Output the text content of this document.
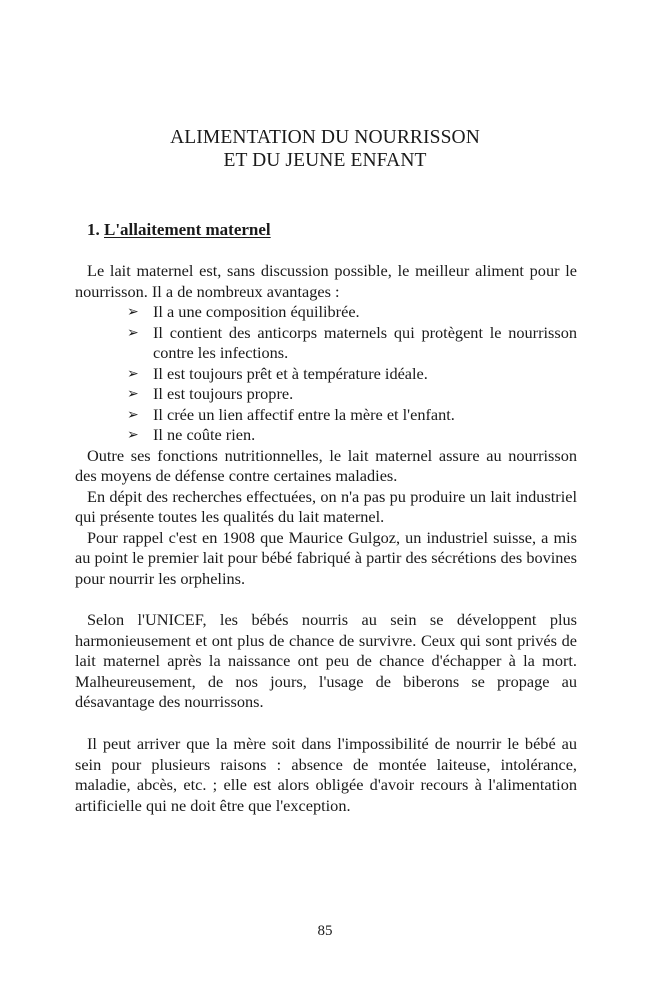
ALIMENTATION DU NOURRISSON
ET DU JEUNE ENFANT
1. L'allaitement maternel

Le lait maternel est, sans discussion possible, le meilleur aliment pour le nourrisson. Il a de nombreux avantages :

➢ Il a une composition équilibrée.
➢ Il contient des anticorps maternels qui protègent le nourrisson contre les infections.
➢ Il est toujours prêt et à température idéale.
➢ Il est toujours propre.
➢ Il crée un lien affectif entre la mère et l'enfant.
➢ Il ne coûte rien.

Outre ses fonctions nutritionnelles, le lait maternel assure au nourrisson des moyens de défense contre certaines maladies.

En dépit des recherches effectuées, on n'a pas pu produire un lait industriel qui présente toutes les qualités du lait maternel.

Pour rappel c'est en 1908 que Maurice Gulgoz, un industriel suisse, a mis au point le premier lait pour bébé fabriqué à partir des sécrétions des bovines pour nourrir les orphelins.

Selon l'UNICEF, les bébés nourris au sein se développent plus harmonieusement et ont plus de chance de survivre. Ceux qui sont privés de lait maternel après la naissance ont peu de chance d'échapper à la mort. Malheureusement, de nos jours, l'usage de biberons se propage au désavantage des nourrissons.

Il peut arriver que la mère soit dans l'impossibilité de nourrir le bébé au sein pour plusieurs raisons : absence de montée laiteuse, intolérance, maladie, abcès, etc. ; elle est alors obligée d'avoir recours à l'alimentation artificielle qui ne doit être que l'exception.

85
